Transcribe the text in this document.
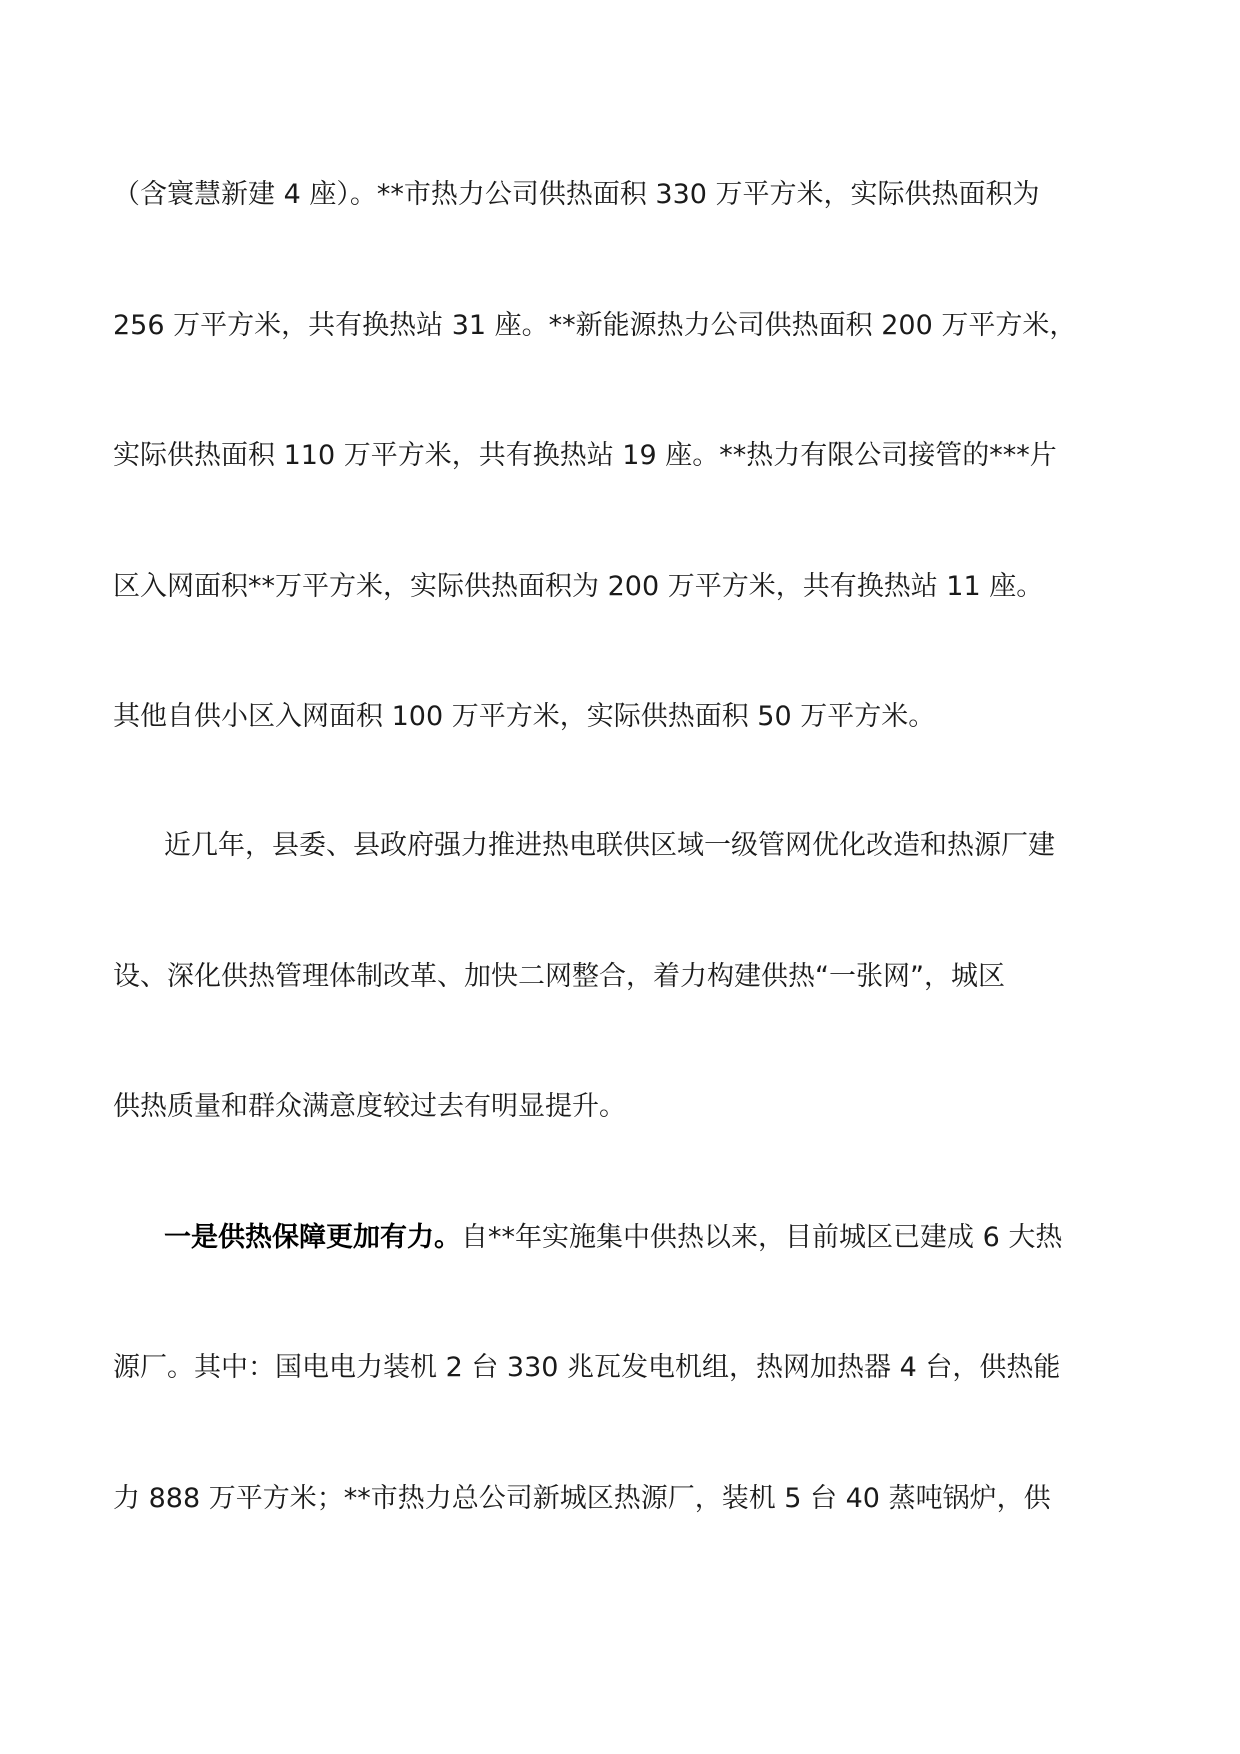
（含寰慧新建 4 座）。**市热力公司供热面积 330 万平方米，实际供热面积为
256 万平方米，共有换热站 31 座。**新能源热力公司供热面积 200 万平方米，
实际供热面积 110 万平方米，共有换热站 19 座。**热力有限公司接管的***片
区入网面积**万平方米，实际供热面积为 200 万平方米，共有换热站 11 座。
其他自供小区入网面积 100 万平方米，实际供热面积 50 万平方米。
近几年，县委、县政府强力推进热电联供区域一级管网优化改造和热源厂建
设、深化供热管理体制改革、加快二网整合，着力构建供热“一张网”，城区
供热质量和群众满意度较过去有明显提升。
一是供热保障更加有力。自**年实施集中供热以来，目前城区已建成 6 大热
源厂。其中：国电电力装机 2 台 330 兆瓦发电机组，热网加热器 4 台，供热能
力 888 万平方米；**市热力总公司新城区热源厂，装机 5 台 40 蒸吨锅炉，供
